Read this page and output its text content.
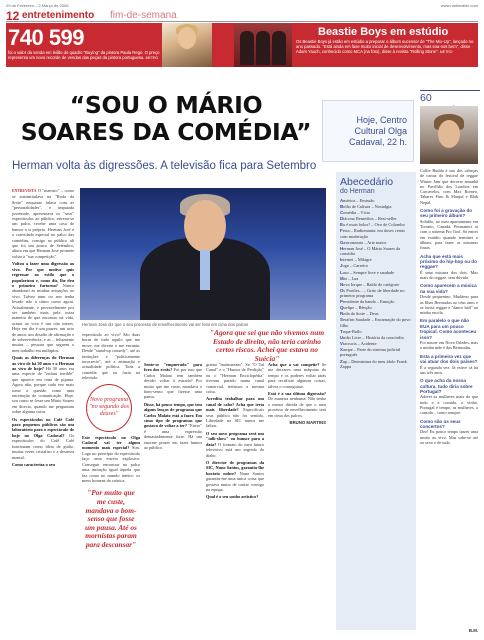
29 de Fevereiro – 2 Março de 2008	www.nadimatrto.com
12 entretenimento fim-de-semana
740 599
foi o valor da venda em leilão do quadro "Buying" da pintora Paula Rego. O preço representa um novo recorde de vendas das peças da pintora portuguesa. METRO
Beastie Boys em estúdio
Os Beastie Boys já estão em estúdio a preparar o álbum sucessor de "The Mix-Up", lançado no ano passado. "Está ainda em fase muito inicial de desenvolvimento, mas soa-nos bem", disse Adam Yauch, conhecido como MCA (na foto), disse à revista "Rolling Stone". METRO
“SOU O MÁRIO SOARES DA COMÉDIA”
Herman volta às digressões. A televisão fica para Setembro
Hoje, Centro
Cultural Olga
Cadaval, 22 h.
60

ENTREVISTA O "maestro" – como se autointitulava na "Roda da Sorte" enquanto falava com as "personalidades", e imputada juventude, apresentava os "seus" espectáculos ao público, estreou-se um palco, recebe uma casa de humor a si próprio. Herman José é o convidado especial no palco das comédias, consigo ao público ali que foi um pouco de Setembro, altura em que Herman José promete voltar à "sua competição".

Voltou a fazer uma digressão ao vivo. Por que motivo quis regressar ao estilo que o popularizou e, como diz, lhe deu o primeiro furtorna? Nunca abandonei as minhas actuações ao vivo. Talvez num ou ano tenha levado não a ritmo como agora. Actualmente, e provavelmente por ser também mais pela outra maneira de que encontro na vida, actuar ao vivo é um oito meses. Hoje em dia é um prazer, um acto de amor, um desafio de afirmação e de sobrevivência, e as – felizmente muitas – pessoas que seguem o meu trabalho em múltiplos.

Quais as diferenças do Herman ao vivo de há 30 anos e o Herman ao vivo de hoje? Há 30 anos era uma espécie de "enfant terrible" que aparece em cena de pijama. Agora não, porque cada vez mais tomo a questão como uma encenação de comunicação. Hoje, sou como se fosse um Mário Soares em directo, quando me perguntam sobre alguma coisa.

Os espectáculos no Café Café para pequenos públicos são um laboratório para o espectáculo de hoje no Olga Cadaval? Os espectáculos do Café Café funcionam como ideia de guião, muitas vezes cristalizo e a destreza mental.

Como caracteriza o seu

Herman José diz que o seu processo de envelhecimento vai ser feito em cima dos palcos
"Agora que sei que não vivemos num Estado de direito, não teria carinho certos riscos. Achei que estava no Suécia"

espectáculo ao vivo? São duas horas de tudo aquilo que me move, me diverte e me encanta. Desde "stand-up comedy", até as imitações e "politicamente incorrecto", até a animação e actualidade política. Toda a comédia que eu fazia na televisão.

Novo programa "no segundo dos deuses"

Este espectáculo no Olga Cadaval vai ter algum momento mais especial? Sim. Logo no princípio do espectáculo faço uma estreia explosiva. Conseguir encontrar no palco uma imitação igual àquela que faz como no mundo inteiro: os meus homens da crónica.

"Por muito que me custe, mandava o bom-senso que fosse um pausa. Até os mornistas param para descansar"

Sente-se "empurrado" para fora dos ecrãs? Foi por isso que Carlos Malato tem também decidir voltar à estrada? Por muito que me custe, mandava o bom-senso que fizesse uma pausa.

Disse, há pouco tempo, que tem alguns lenços de programa que Carlos Malato está a fazer. Em cima tipo de programas que gostava de voltar a ter? "Envio" é uma expressão demasiadamente forte. Há um enorme prazer em fazer humor ao público.

grama "mainstream". Se "O Tal Canal" e o "Humor de Perdição" ou o "Herman Enciclopédia" tiveram parado numa canal comercial, teríamos a mesma coisa.

Acredita trabalhar para um canal de cabo? Acha que teria mais liberdade? Especificais seus público não foi sentido. Liberdade na SIC nunca me faltou.

O seu novo programa será um "talk-show" ou humor para a data? O formato do meu futuro televisivo está um segredo do diabo.

O director de programas da SIC, Nuno Santos, garantiu-lhe horário nobre? Nuno Santos garantiu-me uma única coisa que gostava muito de contar consigo na equipa.

Qual é o seu sonho artístico?

Acha que a vai competir? Se me deixares uma máquina do tempo e os poderes voltar atrás para rectificar algumas coisas, talvez o conseguisse.

Está é a sua última digressão? De maneira nenhuma. Não tenho o menor dúvida de que o meu processo de envelhecimento será em cima dos palcos.

BRUNO MARTINS

Abecedário
do Herman
América – Emissão
Bolão de Cultura – Nostalgia
Comédia – Vício
Diácono Remedios – Best-seller
Eu é mais bolos? – Ovo de Colombo
Festa – Radiomania: em doses certas com moderação
Gastronomia – Arte maior
Herman José – O Mário Soares da comédia
Internet – Milagre
Jogo – Carreiro
Luso – Sempre livre e saudade
Mar – Lua
Nova Iorque – Baldo de catégorie
Os Portões... – Grito de liberdade no primeiro programa
Presidente da banda – Emoção
Quelipe – Bênção
Roda da Sorte – Deus
Serafim Saudade – Encarnação do povo filho
Tropa-Baflo
União Livre – História da concórdia
Viacrucis – Acidente
Xarope – Parte do sistema judicial portugués
Zap – Determinar do meu ídolo Frank Zappa
Collie Budda é um dos cabeças de cartaz do festival de reggae Winter Jam que decorre amanhã no Pavilhão dos Lombos em Carcavelos, com Max Romeo, Tabares Fino & Manjul e Blak Nepal.
Como foi a gravação do seu primeiro álbum?
Solidão, no meu apartamento em Toronto, Canadá. Permaneci aí com o sistema Pro Tool. Só entrei em estúdio quando terminei o álbum, para fazer as misturas finais.
Acha que está mais próximo do hip-hop ou do reggae?
É uma mistura dos dois. Mas mais do reggae, sem dúvida.
Como aparecem a música na sua vida?
Desde pequenino. Mudámo para as Ilhas Bermudas ao céus anos e se ouvia reggae e "dance hall" na minha escola.
Em paralelo o que não EUA para um pouco tropical. Como aconteceu isso?
Foi nascer em Nova Orleães, mas a minha mãe é das Bermudas.
Esta a primeira vez que vai atuar dos dois países?
É a segunda vez. Já estive cá há uns três anos.
O que acha da nossa cultura, tudo diria sobre Portugal?
Adorei as mulheres mais do que tudo e a comida, o vinho. Portugal é tempo, as mulheres, a comida... como sempre.
Como são os seus concertos?
Dez! Eu pouco tempo trazer uma muito ao vivo. Mas sabe-se até ao sexo e de tudo.
B.M.
